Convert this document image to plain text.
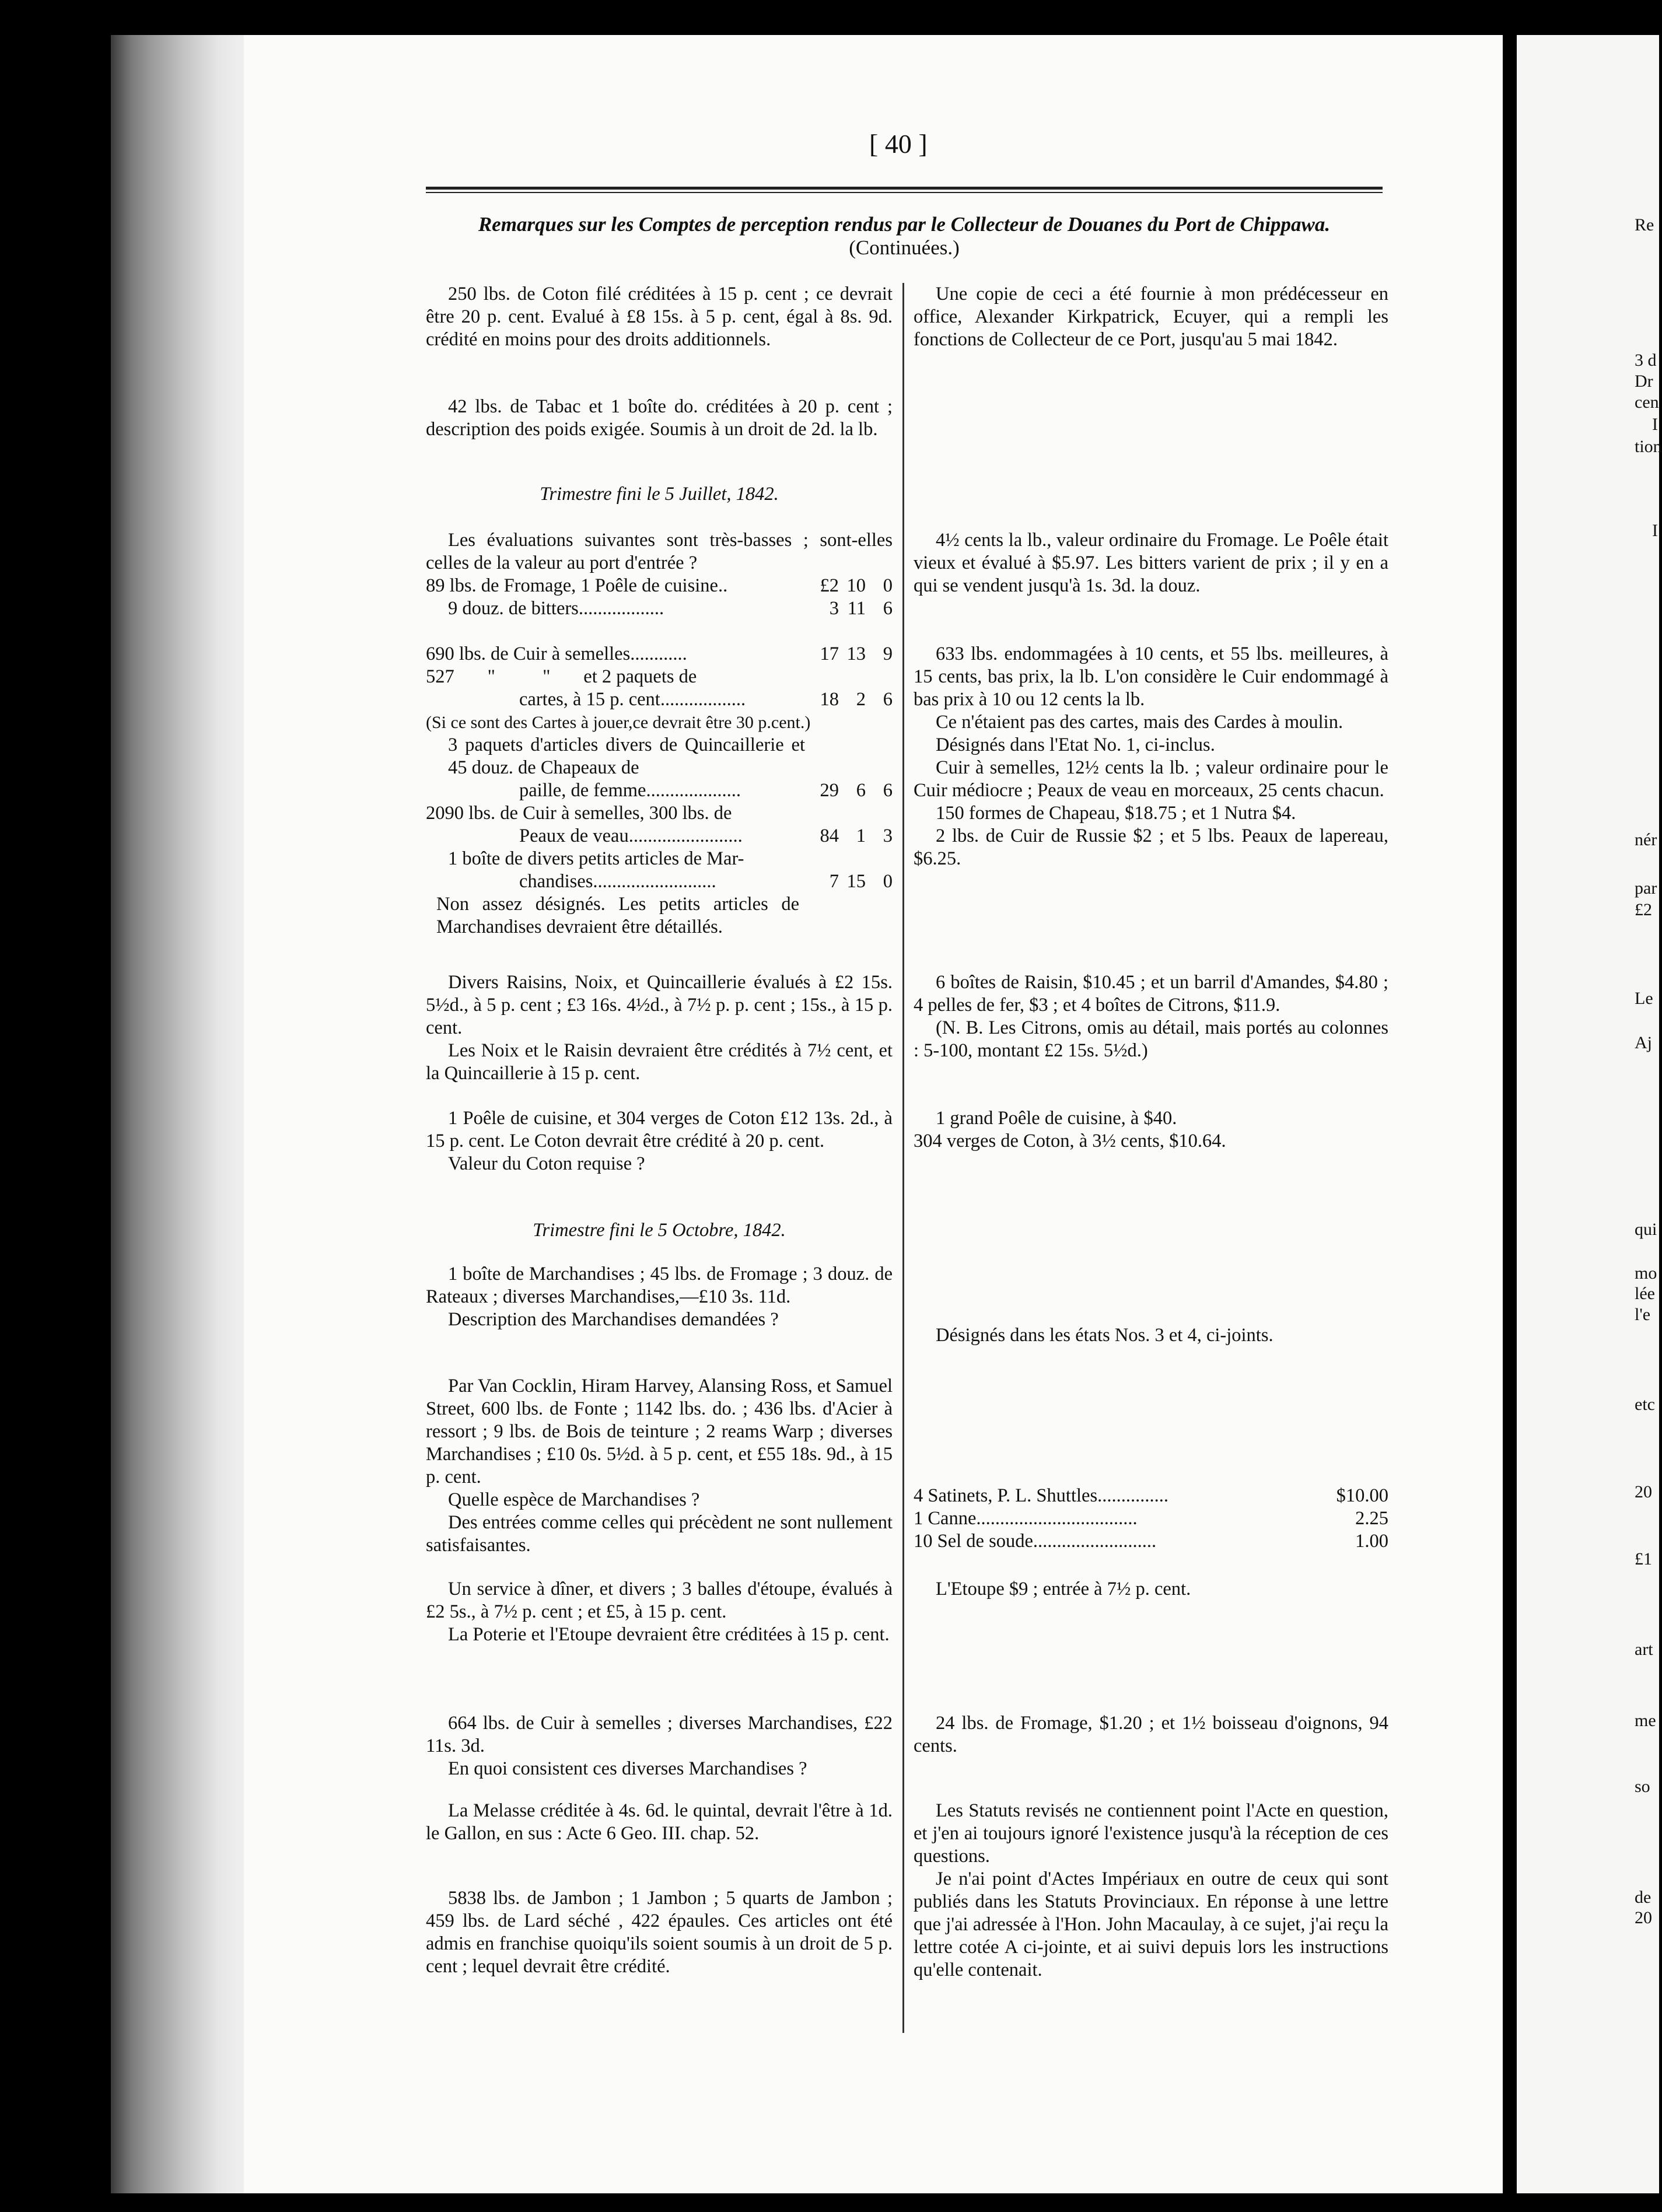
Re
3 d
Dr
cen
tion
I
I
nér
par
£2
Le
Aj
qui
mo
lée
l'e
etc
20
£1
art
me
so
de
20
[ 40 ]
Remarques sur les Comptes de perception rendus par le Collecteur de Douanes du Port de Chippawa.
(Continuées.)

250 lbs. de Coton filé créditées à 15 p. cent ; ce devrait être 20 p. cent. Evalué à £8 15s. à 5 p. cent, égal à 8s. 9d. crédité en moins pour des droits additionnels.

42 lbs. de Tabac et 1 boîte do. créditées à 20 p. cent ; description des poids exigée. Soumis à un droit de 2d. la lb.

Trimestre fini le 5 Juillet, 1842.

Les évaluations suivantes sont très-basses ; sont-elles celles de la valeur au port d'entrée ?

89 lbs. de Fromage, 1 Poêle de cuisine..	£2 10 0
9 douz. de bitters..................	3 11 6
690 lbs. de Cuir à semelles............	17 13 9

527       "          "       et 2 paquets de

cartes, à 15 p. cent..................	18 2 6

(Si ce sont des Cartes à jouer,ce devrait être 30 p.cent.)

3 paquets d'articles divers de Quincaillerie et 45 douz. de Chapeaux de

paille, de femme....................	29 6 6

2090 lbs. de Cuir à semelles, 300 lbs. de

Peaux de veau........................	84 1 3

1 boîte de divers petits articles de Mar-

chandises..........................	7 15 0

Non assez désignés. Les petits articles de Marchandises devraient être détaillés.

Divers Raisins, Noix, et Quincaillerie évalués à £2 15s. 5½d., à 5 p. cent ; £3 16s. 4½d., à 7½ p. p. cent ; 15s., à 15 p. cent.

Les Noix et le Raisin devraient être crédités à 7½ cent, et la Quincaillerie à 15 p. cent.

1 Poêle de cuisine, et 304 verges de Coton £12 13s. 2d., à 15 p. cent. Le Coton devrait être crédité à 20 p. cent.

Valeur du Coton requise ?

Trimestre fini le 5 Octobre, 1842.

1 boîte de Marchandises ; 45 lbs. de Fromage ; 3 douz. de Rateaux ; diverses Marchandises,—£10 3s. 11d.

Description des Marchandises demandées ?

Par Van Cocklin, Hiram Harvey, Alansing Ross, et Samuel Street, 600 lbs. de Fonte ; 1142 lbs. do. ; 436 lbs. d'Acier à ressort ; 9 lbs. de Bois de teinture ; 2 reams Warp ; diverses Marchandises ; £10 0s. 5½d. à 5 p. cent, et £55 18s. 9d., à 15 p. cent.

Quelle espèce de Marchandises ?

Des entrées comme celles qui précèdent ne sont nullement satisfaisantes.

Un service à dîner, et divers ; 3 balles d'étoupe, évalués à £2 5s., à 7½ p. cent ; et £5, à 15 p. cent.

La Poterie et l'Etoupe devraient être créditées à 15 p. cent.

664 lbs. de Cuir à semelles ; diverses Marchandises, £22 11s. 3d.

En quoi consistent ces diverses Marchandises ?

La Melasse créditée à 4s. 6d. le quintal, devrait l'être à 1d. le Gallon, en sus : Acte 6 Geo. III. chap. 52.

5838 lbs. de Jambon ; 1 Jambon ; 5 quarts de Jambon ; 459 lbs. de Lard séché , 422 épaules. Ces articles ont été admis en franchise quoiqu'ils soient soumis à un droit de 5 p. cent ; lequel devrait être crédité.

Une copie de ceci a été fournie à mon prédécesseur en office, Alexander Kirkpatrick, Ecuyer, qui a rempli les fonctions de Collecteur de ce Port, jusqu'au 5 mai 1842.

4½ cents la lb., valeur ordinaire du Fromage. Le Poêle était vieux et évalué à $5.97. Les bitters varient de prix ; il y en a qui se vendent jusqu'à 1s. 3d. la douz.

633 lbs. endommagées à 10 cents, et 55 lbs. meilleures, à 15 cents, bas prix, la lb. L'on considère le Cuir endommagé à bas prix à 10 ou 12 cents la lb.

Ce n'étaient pas des cartes, mais des Cardes à moulin.

Désignés dans l'Etat No. 1, ci-inclus.

Cuir à semelles, 12½ cents la lb. ; valeur ordinaire pour le Cuir médiocre ; Peaux de veau en morceaux, 25 cents chacun.

150 formes de Chapeau, $18.75 ; et 1 Nutra $4.

2 lbs. de Cuir de Russie $2 ; et 5 lbs. Peaux de lapereau, $6.25.

6 boîtes de Raisin, $10.45 ; et un barril d'Amandes, $4.80 ; 4 pelles de fer, $3 ; et 4 boîtes de Citrons, $11.9.

(N. B. Les Citrons, omis au détail, mais portés au colonnes : 5-100, montant £2 15s. 5½d.)

1 grand Poêle de cuisine, à $40.

304 verges de Coton, à 3½ cents, $10.64.

Désignés dans les états Nos. 3 et 4, ci-joints.

4 Satinets, P. L. Shuttles...............	$10.00
1 Canne..................................	2.25
10 Sel de soude..........................	1.00

L'Etoupe $9 ; entrée à 7½ p. cent.

24 lbs. de Fromage, $1.20 ; et 1½ boisseau d'oignons, 94 cents.

Les Statuts revisés ne contiennent point l'Acte en question, et j'en ai toujours ignoré l'existence jusqu'à la réception de ces questions.

Je n'ai point d'Actes Impériaux en outre de ceux qui sont publiés dans les Statuts Provinciaux. En réponse à une lettre que j'ai adressée à l'Hon. John Macaulay, à ce sujet, j'ai reçu la lettre cotée A ci-jointe, et ai suivi depuis lors les instructions qu'elle contenait.
